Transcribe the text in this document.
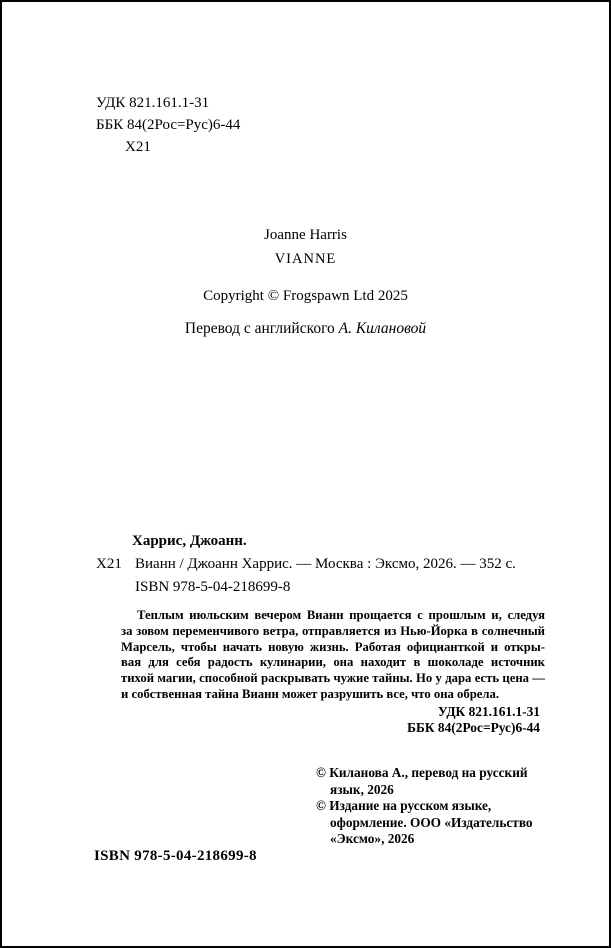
УДК 821.161.1-31
ББК 84(2Рос=Рус)6-44
Х21
Joanne Harris
VIANNE
Copyright © Frogspawn Ltd 2025
Перевод с английского А. Килановой
Харрис, Джоанн.
Х21 Вианн / Джоанн Харрис. — Москва : Эксмо, 2026. — 352 с.
ISBN 978-5-04-218699-8
Теплым июльским вечером Вианн прощается с прошлым и, следуя
за зовом переменчивого ветра, отправляется из Нью-Йорка в солнечный
Марсель, чтобы начать новую жизнь. Работая официанткой и откры-
вая для себя радость кулинарии, она находит в шоколаде источник
тихой магии, способной раскрывать чужие тайны. Но у дара есть цена —
и собственная тайна Вианн может разрушить все, что она обрела.
УДК 821.161.1-31
ББК 84(2Рос=Рус)6-44
© Киланова А., перевод на русский язык, 2026
© Издание на русском языке, оформление. ООО «Издательство «Эксмо», 2026
ISBN 978-5-04-218699-8
